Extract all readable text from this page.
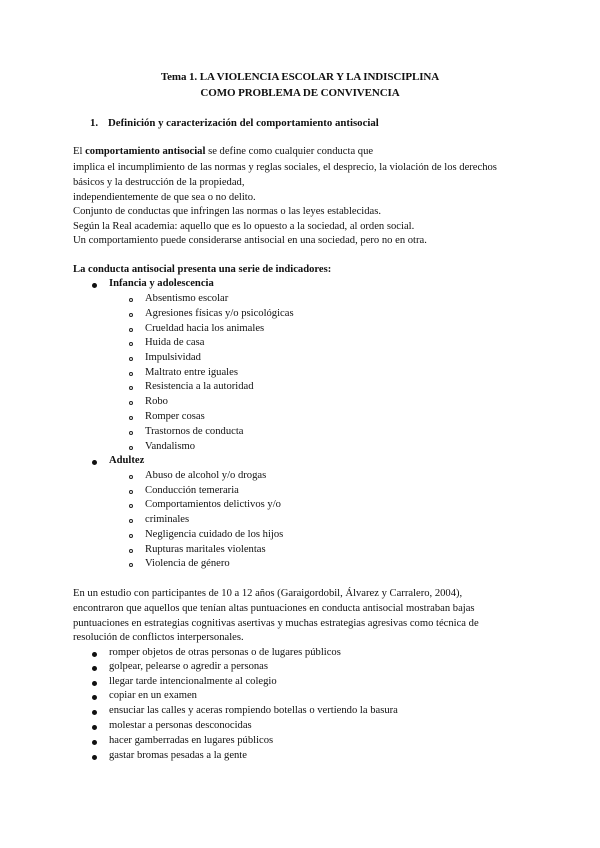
Tema 1. LA VIOLENCIA ESCOLAR Y LA INDISCIPLINA
COMO PROBLEMA DE CONVIVENCIA
1. Definición y caracterización del comportamiento antisocial
El comportamiento antisocial se define como cualquier conducta que
implica el incumplimiento de las normas y reglas sociales, el desprecio, la violación de los derechos
básicos y la destrucción de la propiedad,
independientemente de que sea o no delito.
Conjunto de conductas que infringen las normas o las leyes establecidas.
Según la Real academia: aquello que es lo opuesto a la sociedad, al orden social.
Un comportamiento puede considerarse antisocial en una sociedad, pero no en otra.
La conducta antisocial presenta una serie de indicadores:
Infancia y adolescencia
Absentismo escolar
Agresiones físicas y/o psicológicas
Crueldad hacia los animales
Huida de casa
Impulsividad
Maltrato entre iguales
Resistencia a la autoridad
Robo
Romper cosas
Trastornos de conducta
Vandalismo
Adultez
Abuso de alcohol y/o drogas
Conducción temeraria
Comportamientos delictivos y/o
criminales
Negligencia cuidado de los hijos
Rupturas maritales violentas
Violencia de género
En un estudio con participantes de 10 a 12 años (Garaigordobil, Álvarez y Carralero, 2004),
encontraron que aquellos que tenían altas puntuaciones en conducta antisocial mostraban bajas
puntuaciones en estrategias cognitivas asertivas y muchas estrategias agresivas como técnica de
resolución de conflictos interpersonales.
romper objetos de otras personas o de lugares públicos
golpear, pelearse o agredir a personas
llegar tarde intencionalmente al colegio
copiar en un examen
ensuciar las calles y aceras rompiendo botellas o vertiendo la basura
molestar a personas desconocidas
hacer gamberradas en lugares públicos
gastar bromas pesadas a la gente
